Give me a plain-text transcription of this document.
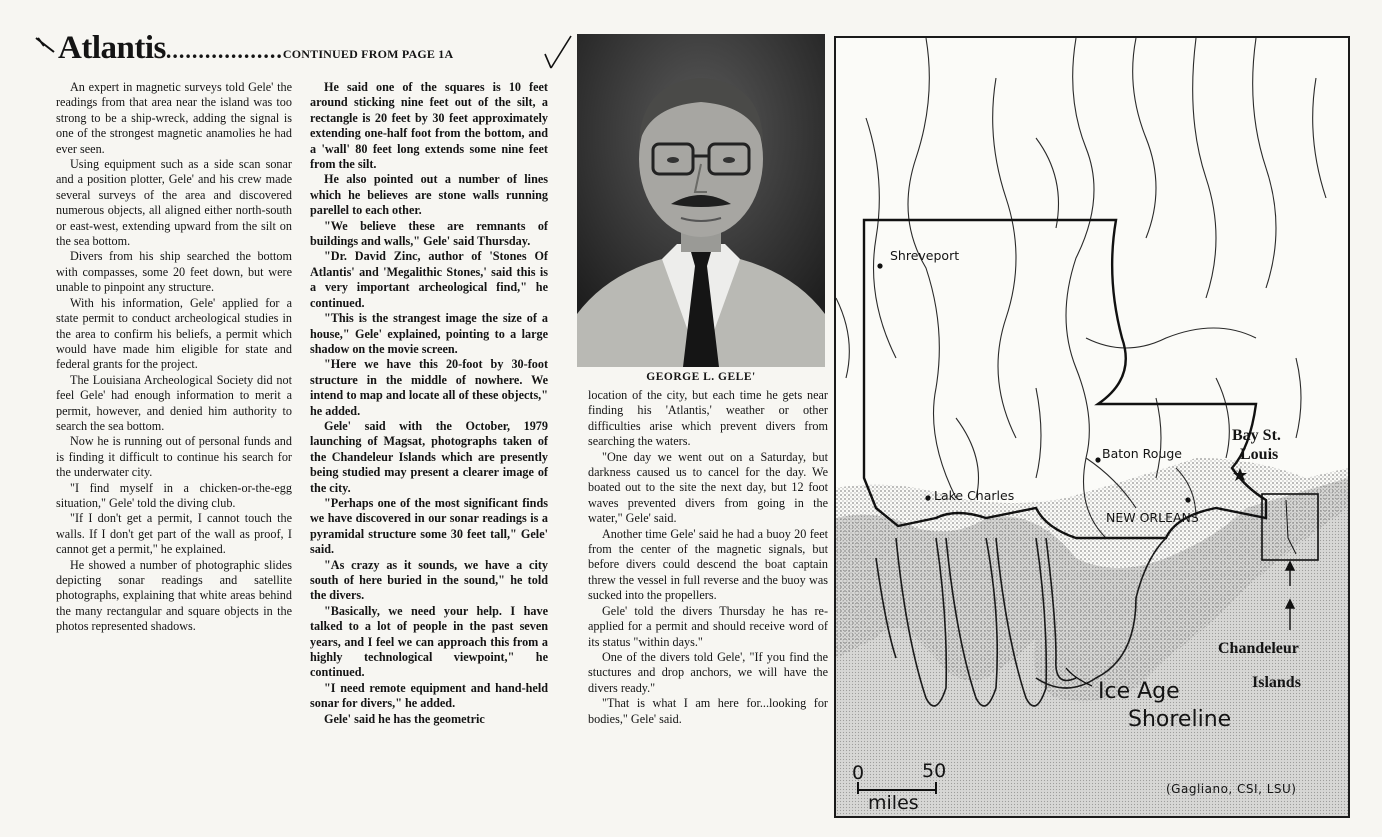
Atlantis..................CONTINUED FROM PAGE 1A

An expert in magnetic surveys told Gele' the readings from that area near the island was too strong to be a ship-wreck, adding the signal is one of the strongest magnetic anamolies he had ever seen.

Using equipment such as a side scan sonar and a position plotter, Gele' and his crew made several surveys of the area and discovered numerous objects, all aligned either north-south or east-west, extending upward from the silt on the sea bottom.

Divers from his ship searched the bottom with compasses, some 20 feet down, but were unable to pinpoint any structure.

With his information, Gele' applied for a state permit to conduct archeological studies in the area to confirm his beliefs, a permit which would have made him eligible for state and federal grants for the project.

The Louisiana Archeological Society did not feel Gele' had enough information to merit a permit, however, and denied him authority to search the sea bottom.

Now he is running out of personal funds and is finding it difficult to continue his search for the underwater city.

"I find myself in a chicken-or-the-egg situation," Gele' told the diving club.

"If I don't get a permit, I cannot touch the walls. If I don't get part of the wall as proof, I cannot get a permit," he explained.

He showed a number of photographic slides depicting sonar readings and satellite photographs, explaining that white areas behind the many rectangular and square objects in the photos represented shadows.

He said one of the squares is 10 feet around sticking nine feet out of the silt, a rectangle is 20 feet by 30 feet approximately extending one-half foot from the bottom, and a 'wall' 80 feet long extends some nine feet from the silt.

He also pointed out a number of lines which he believes are stone walls running parellel to each other.

"We believe these are remnants of buildings and walls," Gele' said Thursday.

"Dr. David Zinc, author of 'Stones Of Atlantis' and 'Megalithic Stones,' said this is a very important archeological find," he continued.

"This is the strangest image the size of a house," Gele' explained, pointing to a large shadow on the movie screen.

"Here we have this 20-foot by 30-foot structure in the middle of nowhere. We intend to map and locate all of these objects," he added.

Gele' said with the October, 1979 launching of Magsat, photographs taken of the Chandeleur Islands which are presently being studied may present a clearer image of the city.

"Perhaps one of the most significant finds we have discovered in our sonar readings is a pyramidal structure some 30 feet tall," Gele' said.

"As crazy as it sounds, we have a city south of here buried in the sound," he told the divers.

"Basically, we need your help. I have talked to a lot of people in the past seven years, and I feel we can approach this from a highly technological viewpoint," he continued.

"I need remote equipment and hand-held sonar for divers," he added.

Gele' said he has the geometric

GEORGE L. GELE'

location of the city, but each time he gets near finding his 'Atlantis,' weather or other difficulties arise which prevent divers from searching the waters.

"One day we went out on a Saturday, but darkness caused us to cancel for the day. We boated out to the site the next day, but 12 foot waves prevented divers from going in the water," Gele' said.

Another time Gele' said he had a buoy 20 feet from the center of the magnetic signals, but before divers could descend the boat captain threw the vessel in full reverse and the buoy was sucked into the propellers.

Gele' told the divers Thursday he has re-applied for a permit and should receive word of its status "within days."

One of the divers told Gele', "If you find the stuctures and drop anchors, we will have the divers ready."

"That is what I am here for...looking for bodies," Gele' said.

Shreveport
Baton Rouge
Lake Charles
NEW ORLEANS
Bay St.
Louis
Chandeleur
Islands
Ice Age
Shoreline
0	50
miles
(Gagliano, CSI, LSU)
